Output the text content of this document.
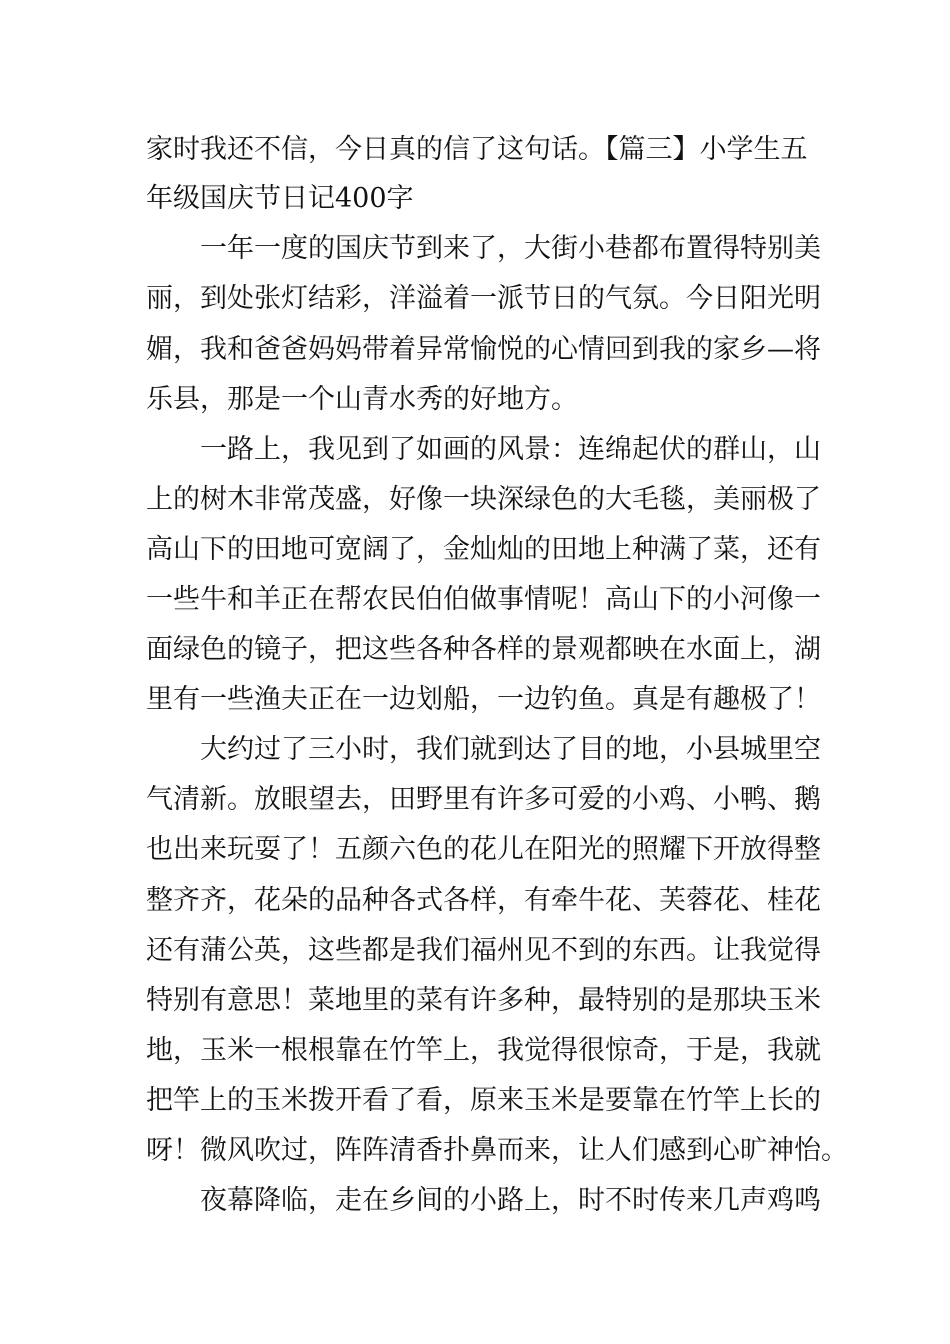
家时我还不信，今日真的信了这句话。【篇三】小学生五
年级国庆节日记400字
一年一度的国庆节到来了，大街小巷都布置得特别美
丽，到处张灯结彩，洋溢着一派节日的气氛。今日阳光明
媚，我和爸爸妈妈带着异常愉悦的心情回到我的家乡—将
乐县，那是一个山青水秀的好地方。
一路上，我见到了如画的风景：连绵起伏的群山，山
上的树木非常茂盛，好像一块深绿色的大毛毯，美丽极了
高山下的田地可宽阔了，金灿灿的田地上种满了菜，还有
一些牛和羊正在帮农民伯伯做事情呢！高山下的小河像一
面绿色的镜子，把这些各种各样的景观都映在水面上，湖
里有一些渔夫正在一边划船，一边钓鱼。真是有趣极了！
大约过了三小时，我们就到达了目的地，小县城里空
气清新。放眼望去，田野里有许多可爱的小鸡、小鸭、鹅
也出来玩耍了！五颜六色的花儿在阳光的照耀下开放得整
整齐齐，花朵的品种各式各样，有牵牛花、芙蓉花、桂花
还有蒲公英，这些都是我们福州见不到的东西。让我觉得
特别有意思！菜地里的菜有许多种，最特别的是那块玉米
地，玉米一根根靠在竹竿上，我觉得很惊奇，于是，我就
把竿上的玉米拨开看了看，原来玉米是要靠在竹竿上长的
呀！微风吹过，阵阵清香扑鼻而来，让人们感到心旷神怡。
夜幕降临，走在乡间的小路上，时不时传来几声鸡鸣
